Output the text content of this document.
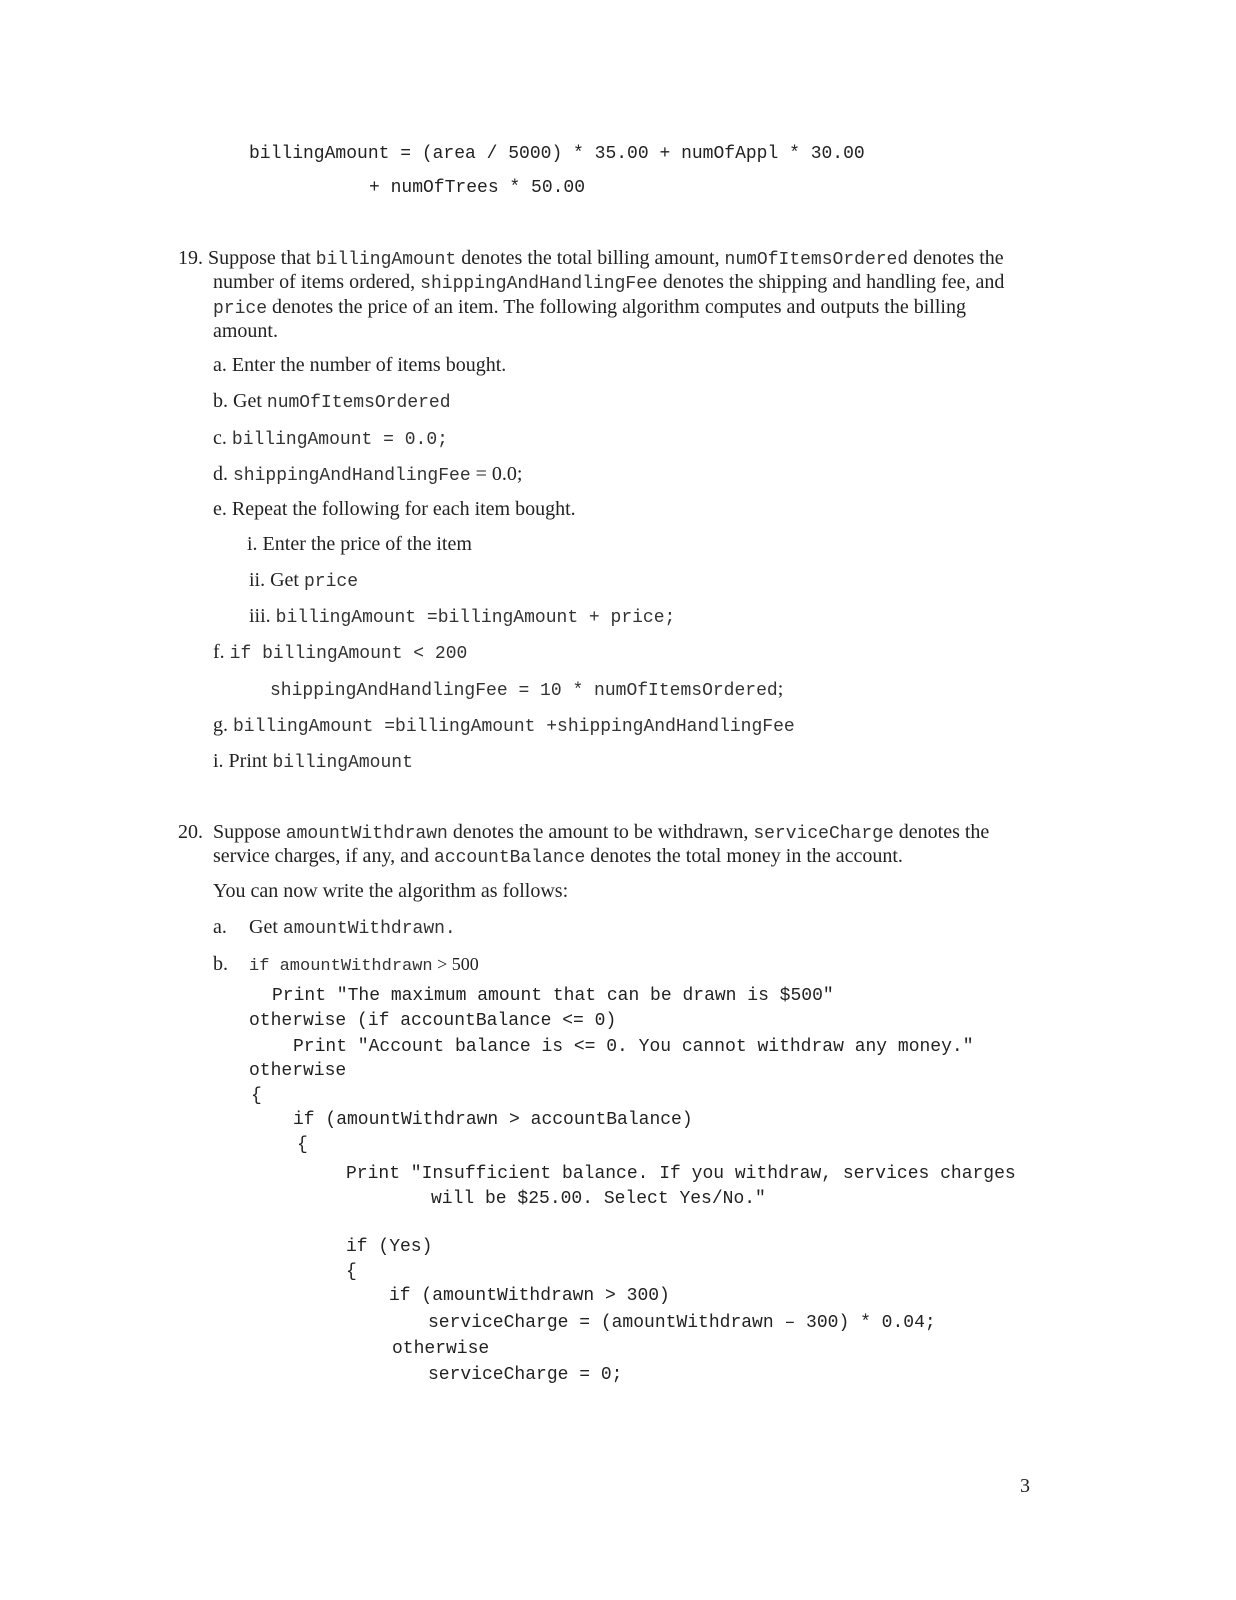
billingAmount = (area / 5000) * 35.00 + numOfAppl * 30.00
+ numOfTrees * 50.00
19. Suppose that billingAmount denotes the total billing amount, numOfItemsOrdered denotes the
number of items ordered, shippingAndHandlingFee denotes the shipping and handling fee, and
price denotes the price of an item. The following algorithm computes and outputs the billing
amount.
a. Enter the number of items bought.
b. Get numOfItemsOrdered
c. billingAmount = 0.0;
d. shippingAndHandlingFee = 0.0;
e. Repeat the following for each item bought.
i. Enter the price of the item
ii. Get price
iii. billingAmount =billingAmount + price;
f. if billingAmount < 200
shippingAndHandlingFee = 10 * numOfItemsOrdered;
g. billingAmount =billingAmount +shippingAndHandlingFee
i. Print billingAmount
20. Suppose amountWithdrawn denotes the amount to be withdrawn, serviceCharge denotes the
service charges, if any, and accountBalance denotes the total money in the account.
You can now write the algorithm as follows:
a. Get amountWithdrawn.
b. if amountWithdrawn > 500
Print "The maximum amount that can be drawn is $500"
otherwise (if accountBalance <= 0)
Print "Account balance is <= 0. You cannot withdraw any money."
otherwise
{
if (amountWithdrawn > accountBalance)
{
Print "Insufficient balance. If you withdraw, services charges
will be $25.00. Select Yes/No."
if (Yes)
{
if (amountWithdrawn > 300)
serviceCharge = (amountWithdrawn – 300) * 0.04;
otherwise
serviceCharge = 0;
3
